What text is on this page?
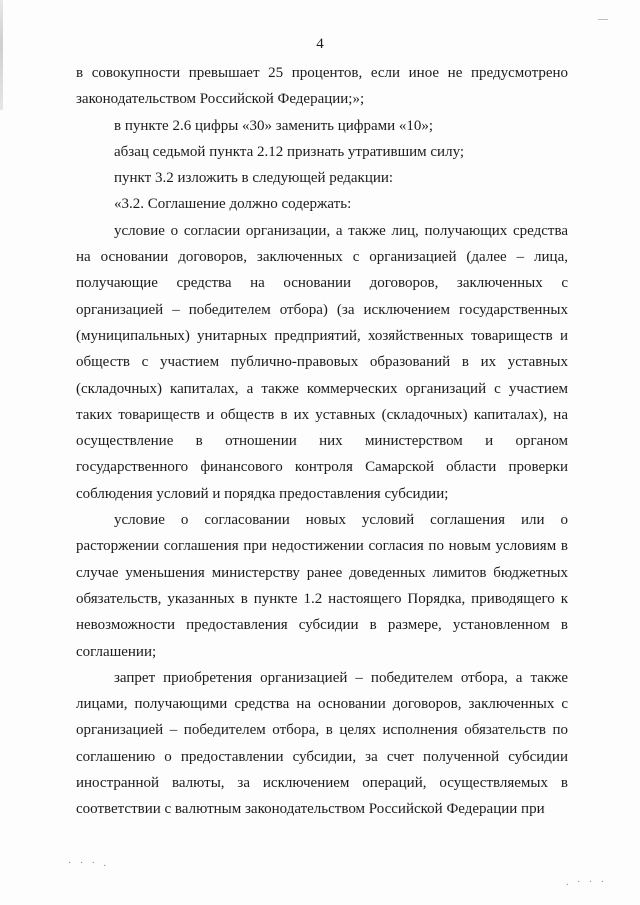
4

в совокупности превышает 25 процентов, если иное не предусмотрено законодательством Российской Федерации;»;

в пункте 2.6 цифры «30» заменить цифрами «10»;

абзац седьмой пункта 2.12 признать утратившим силу;

пункт 3.2 изложить в следующей редакции:

«3.2. Соглашение должно содержать:

условие о согласии организации, а также лиц, получающих средства на основании договоров, заключенных с организацией (далее – лица, получающие средства на основании договоров, заключенных с организацией – победителем отбора) (за исключением государственных (муниципальных) унитарных предприятий, хозяйственных товариществ и обществ с участием публично-правовых образований в их уставных (складочных) капиталах, а также коммерческих организаций с участием таких товариществ и обществ в их уставных (складочных) капиталах), на осуществление в отношении них министерством и органом государственного финансового контроля Самарской области проверки соблюдения условий и порядка предоставления субсидии;

условие о согласовании новых условий соглашения или о расторжении соглашения при недостижении согласия по новым условиям в случае уменьшения министерству ранее доведенных лимитов бюджетных обязательств, указанных в пункте 1.2 настоящего Порядка, приводящего к невозможности предоставления субсидии в размере, установленном в соглашении;

запрет приобретения организацией – победителем отбора, а также лицами, получающими средства на основании договоров, заключенных с организацией – победителем отбора, в целях исполнения обязательств по соглашению о предоставлении субсидии, за счет полученной субсидии иностранной валюты, за исключением операций, осуществляемых в соответствии с валютным законодательством Российской Федерации при

· · · .
. · · ·
—
